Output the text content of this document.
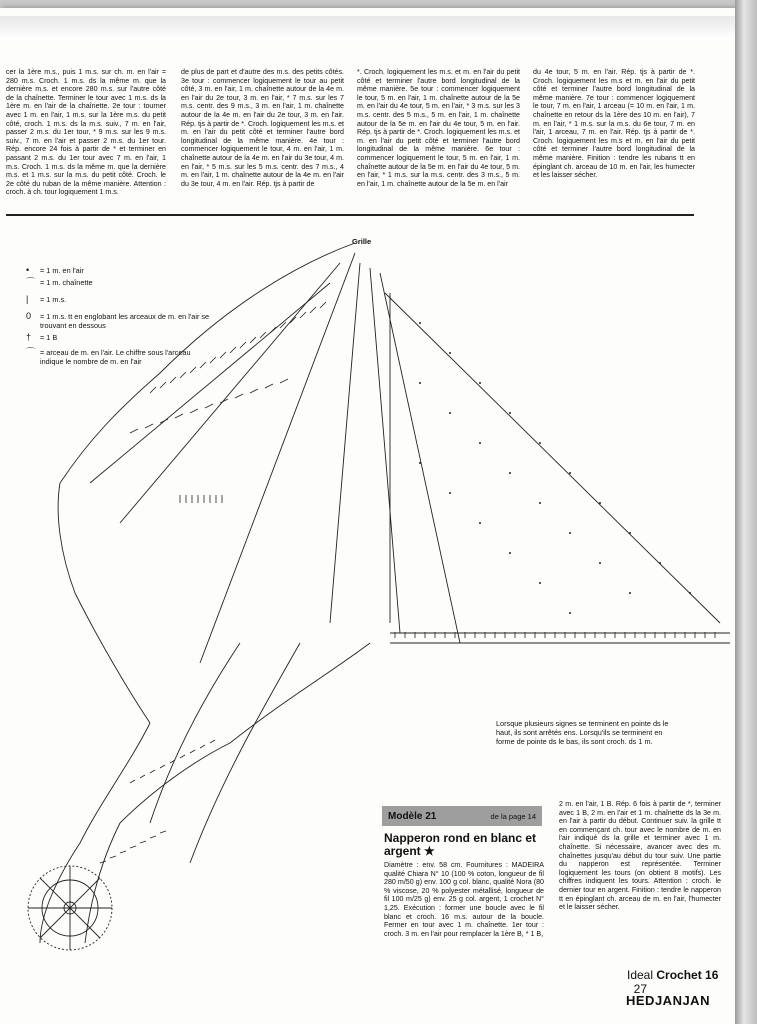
cer la 1ère m.s., puis 1 m.s. sur ch. m. en l'air = 280 m.s. Croch. 1 m.s. ds la même m. que la dernière m.s. et encore 280 m.s. sur l'autre côté de la chaînette. Terminer le tour avec 1 m.s. ds la 1ère m. en l'air de la chaînette. 2e tour : tourner avec 1 m. en l'air, 1 m.s. sur la 1ère m.s. du petit côté, croch. 1 m.s. ds la m.s. suiv., 7 m. en l'air, passer 2 m.s. du 1er tour, * 9 m.s. sur les 9 m.s. suiv., 7 m. en l'air et passer 2 m.s. du 1er tour. Rép. encore 24 fois à partir de * et terminer en passant 2 m.s. du 1er tour avec 7 m. en l'air, 1 m.s. Croch. 1 m.s. ds la même m. que la dernière m.s. et 1 m.s. sur la m.s. du petit côté. Croch. le 2e côté du ruban de la même manière. Attention : croch. à ch. tour logiquement 1 m.s.
de plus de part et d'autre des m.s. des petits côtés. 3e tour : commencer logiquement le tour au petit côté, 3 m. en l'air, 1 m. chaînette autour de la 4e m. en l'air du 2e tour, 3 m. en l'air, * 7 m.s. sur les 7 m.s. centr. des 9 m.s., 3 m. en l'air, 1 m. chaînette autour de la 4e m. en l'air du 2e tour, 3 m. en l'air. Rép. tjs à partir de *. Croch. logiquement les m.s. et m. en l'air du petit côté et terminer l'autre bord longitudinal de la même manière. 4e tour : commencer logiquement le tour, 4 m. en l'air, 1 m. chaînette autour de la 4e m. en l'air du 3e tour, 4 m. en l'air, * 5 m.s. sur les 5 m.s. centr. des 7 m.s., 4 m. en l'air, 1 m. chaînette autour de la 4e m. en l'air du 3e tour, 4 m. en l'air. Rép. tjs à partir de
*. Croch. logiquement les m.s. et m. en l'air du petit côté et terminer l'autre bord longitudinal de la même manière. 5e tour : commencer logiquement le tour, 5 m. en l'air, 1 m. chaînette autour de la 5e m. en l'air du 4e tour, 5 m. en l'air, * 3 m.s. sur les 3 m.s. centr. des 5 m.s., 5 m. en l'air, 1 m. chaînette autour de la 5e m. en l'air du 4e tour, 5 m. en l'air. Rép. tjs à partir de *. Croch. logiquement les m.s. et m. en l'air du petit côté et terminer l'autre bord longitudinal de la même manière. 6e tour : commencer logiquement le tour, 5 m. en l'air, 1 m. chaînette autour de la 5e m. en l'air du 4e tour, 5 m. en l'air, * 1 m.s. sur la m.s. centr. des 3 m.s., 5 m. en l'air, 1 m. chaînette autour de la 5e m. en l'air
du 4e tour, 5 m. en l'air. Rép. tjs à partir de *. Croch. logiquement les m.s et m. en l'air du petit côté et terminer l'autre bord longitudinal de la même manière. 7e tour : commencer logiquement le tour, 7 m. en l'air, 1 arceau (= 10 m. en l'air, 1 m. chaînette en retour ds la 1ère des 10 m. en l'air), 7 m. en l'air, * 1 m.s. sur la m.s. du 6e tour, 7 m. en l'air, 1 arceau, 7 m. en l'air. Rép. tjs à partir de *. Croch. logiquement les m.s et m. en l'air du petit côté et terminer l'autre bord longitudinal de la même manière. Finition : tendre les rubans tt en épinglant ch. arceau de 10 m. en l'air, les humecter et les laisser sécher.
• = 1 m. en l'air
⌒ = 1 m. chaînette
| = 1 m.s.
0 = 1 m.s. tt en englobant les arceaux de m. en l'air se trouvant en dessous
† = 1 B
⌒ = arceau de m. en l'air. Le chiffre sous l'arceau indique le nombre de m. en l'air
Grille
Lorsque plusieurs signes se terminent en pointe ds le haut, ils sont arrêtés ens. Lorsqu'ils se terminent en forme de pointe ds le bas, ils sont croch. ds 1 m.
Modèle 21	de la page 14
Napperon rond en blanc et argent ★
Diamètre : env. 58 cm. Fournitures : MADEIRA qualité Chiara N° 10 (100 % coton, longueur de fil 280 m/50 g) env. 100 g col. blanc, qualité Nora (80 % viscose, 20 % polyester métallisé, longueur de fil 100 m/25 g) env. 25 g col. argent, 1 crochet N° 1,25. Exécution : former une boucle avec le fil blanc et croch. 16 m.s. autour de la boucle. Fermer en tour avec 1 m. chaînette. 1er tour : croch. 3 m. en l'air pour remplacer la 1ère B, * 1 B,
2 m. en l'air, 1 B. Rép. 6 fois à partir de *, terminer avec 1 B, 2 m. en l'air et 1 m. chaînette ds la 3e m. en l'air à partir du début. Continuer suiv. la grille tt en commençant ch. tour avec le nombre de m. en l'air indiqué ds la grille et terminer avec 1 m. chaînette. Si nécessaire, avancer avec des m. chaînettes jusqu'au début du tour suiv. Une partie du napperon est représentée. Terminer logiquement les tours (on obtient 8 motifs). Les chiffres indiquent les tours. Attention : croch. le dernier tour en argent. Finition : tendre le napperon tt en épinglant ch. arceau de m. en l'air, l'humecter et le laisser sécher.
Ideal Crochet 16   27
HEDJANJAN
